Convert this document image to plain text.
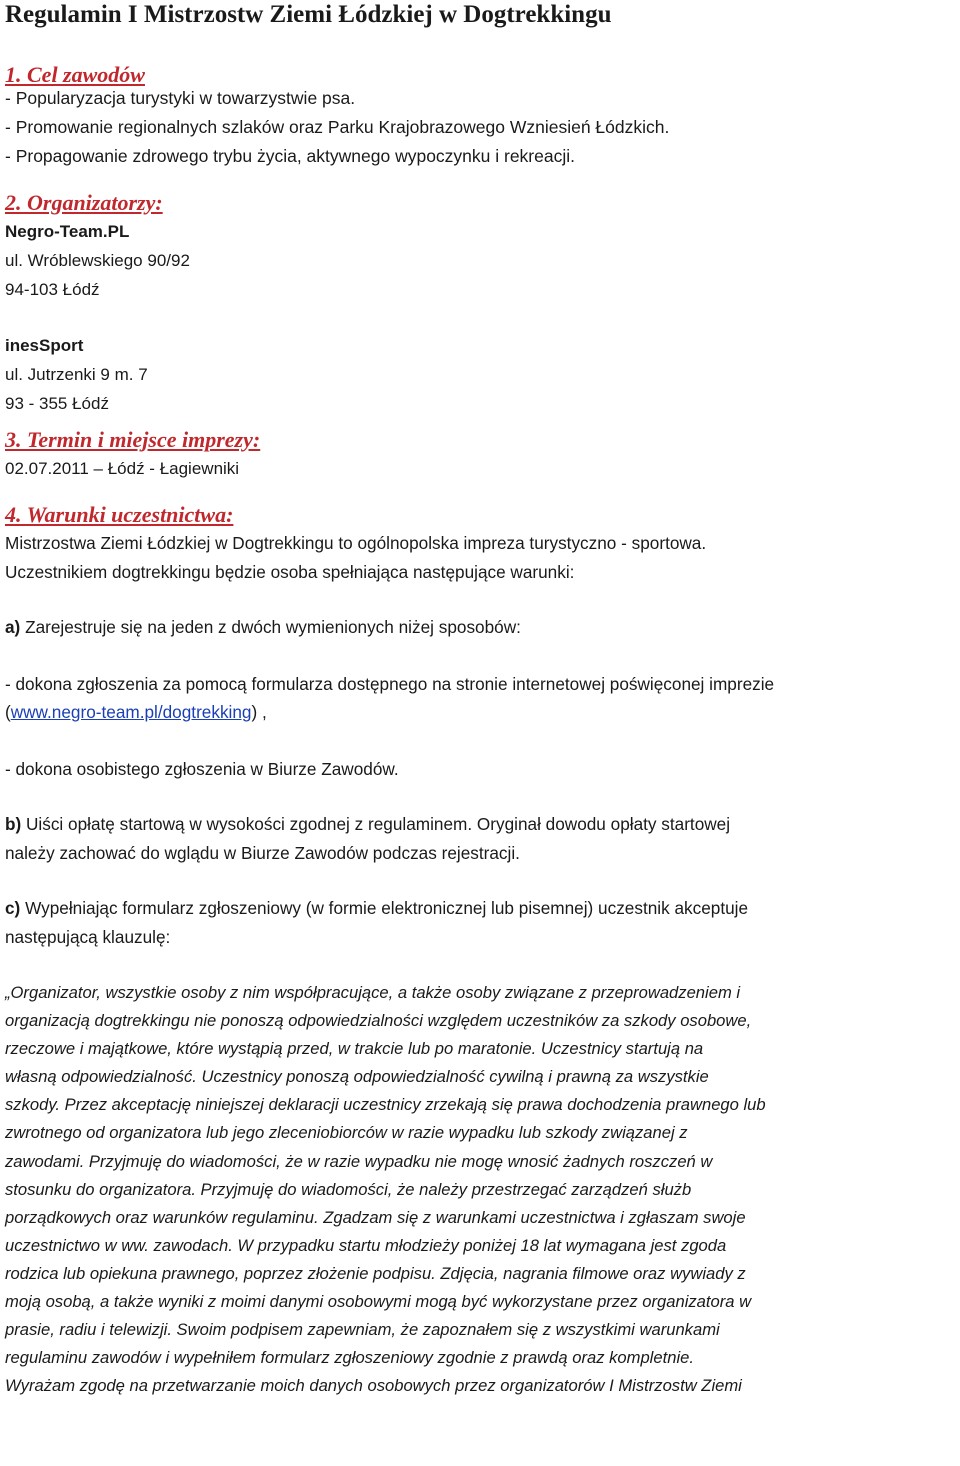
Regulamin I Mistrzostw Ziemi Łódzkiej w Dogtrekkingu
1. Cel zawodów

- Popularyzacja turystyki w towarzystwie psa.

- Promowanie regionalnych szlaków oraz Parku Krajobrazowego Wzniesień Łódzkich.

- Propagowanie zdrowego trybu życia, aktywnego wypoczynku i rekreacji.

2. Organizatorzy:

Negro-Team.PL

ul. Wróblewskiego 90/92

94-103 Łódź

inesSport

ul. Jutrzenki 9 m. 7

93 - 355 Łódź

3. Termin i miejsce imprezy:

02.07.2011 – Łódź - Łagiewniki

4. Warunki uczestnictwa:

Mistrzostwa Ziemi Łódzkiej w Dogtrekkingu to ogólnopolska impreza turystyczno - sportowa.

Uczestnikiem dogtrekkingu będzie osoba spełniająca następujące warunki:

a) Zarejestruje się na jeden z dwóch wymienionych niżej sposobów:

- dokona zgłoszenia za pomocą formularza dostępnego na stronie internetowej poświęconej imprezie

(www.negro-team.pl/dogtrekking) ,

- dokona osobistego zgłoszenia w Biurze Zawodów.

b) Uiści opłatę startową w wysokości zgodnej z regulaminem. Oryginał dowodu opłaty startowej

należy zachować do wglądu w Biurze Zawodów podczas rejestracji.

c) Wypełniając formularz zgłoszeniowy (w formie elektronicznej lub pisemnej) uczestnik akceptuje

następującą klauzulę:

„Organizator, wszystkie osoby z nim współpracujące, a także osoby związane z przeprowadzeniem i
organizacją dogtrekkingu nie ponoszą odpowiedzialności względem uczestników za szkody osobowe,
rzeczowe i majątkowe, które wystąpią przed, w trakcie lub po maratonie. Uczestnicy startują na
własną odpowiedzialność. Uczestnicy ponoszą odpowiedzialność cywilną i prawną za wszystkie
szkody. Przez akceptację niniejszej deklaracji uczestnicy zrzekają się prawa dochodzenia prawnego lub
zwrotnego od organizatora lub jego zleceniobiorców w razie wypadku lub szkody związanej z
zawodami. Przyjmuję do wiadomości, że w razie wypadku nie mogę wnosić żadnych roszczeń w
stosunku do organizatora. Przyjmuję do wiadomości, że należy przestrzegać zarządzeń służb
porządkowych oraz warunków regulaminu. Zgadzam się z warunkami uczestnictwa i zgłaszam swoje
uczestnictwo w ww. zawodach. W przypadku startu młodzieży poniżej 18 lat wymagana jest zgoda
rodzica lub opiekuna prawnego, poprzez złożenie podpisu. Zdjęcia, nagrania filmowe oraz wywiady z
moją osobą, a także wyniki z moimi danymi osobowymi mogą być wykorzystane przez organizatora w
prasie, radiu i telewizji. Swoim podpisem zapewniam, że zapoznałem się z wszystkimi warunkami
regulaminu zawodów i wypełniłem formularz zgłoszeniowy zgodnie z prawdą oraz kompletnie.
Wyrażam zgodę na przetwarzanie moich danych osobowych przez organizatorów I Mistrzostw Ziemi
